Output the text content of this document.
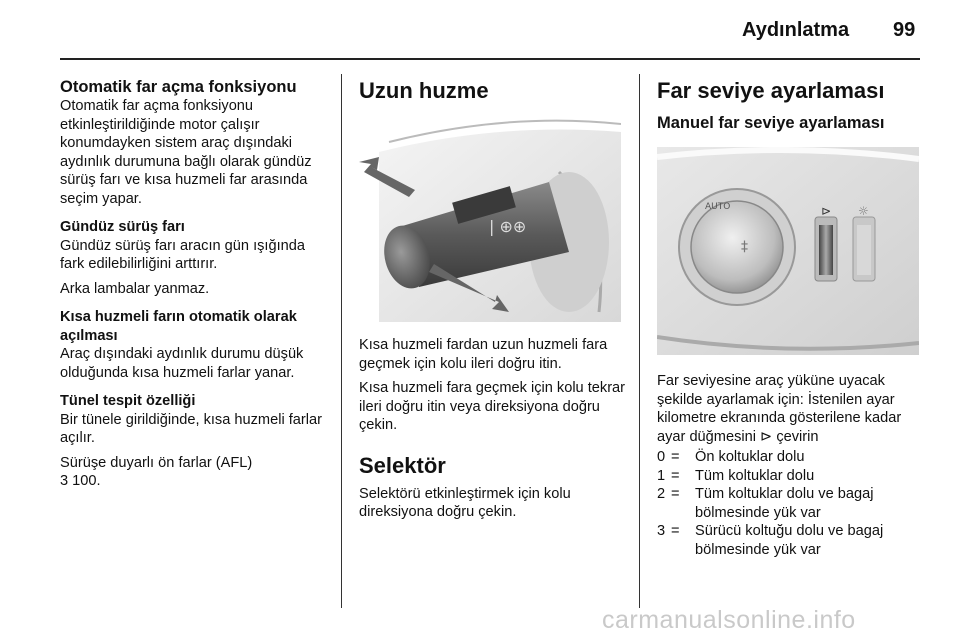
Aydınlatma 99
Otomatik far açma fonksiyonu

Otomatik far açma fonksiyonu etkinleştirildiğinde motor çalışır konumdayken sistem araç dışındaki aydınlık durumuna bağlı olarak gündüz sürüş farı ve kısa huzmeli far arasında seçim yapar.

Gündüz sürüş farı

Gündüz sürüş farı aracın gün ışığında fark edilebilirliğini arttırır.

Arka lambalar yanmaz.

Kısa huzmeli farın otomatik olarak açılması

Araç dışındaki aydınlık durumu düşük olduğunda kısa huzmeli farlar yanar.

Tünel tespit özelliği

Bir tünele girildiğinde, kısa huzmeli farlar açılır.

Sürüşe duyarlı ön farlar (AFL)

3 100.

Uzun huzme
| ⊕⊕

Kısa huzmeli fardan uzun huzmeli fara geçmek için kolu ileri doğru itin.

Kısa huzmeli fara geçmek için kolu tekrar ileri doğru itin veya direksiyona doğru çekin.

Selektör

Selektörü etkinleştirmek için kolu direksiyona doğru çekin.

Far seviye ayarlaması
Manuel far seviye ayarlaması
AUTO
‡
⊳ ☼

Far seviyesine araç yüküne uyacak şekilde ayarlamak için: İstenilen ayar kilometre ekranında gösterilene kadar ayar düğmesini ⊳ çevirin

0 =	Ön koltuklar dolu
1 =	Tüm koltuklar dolu
2 =	Tüm koltuklar dolu ve bagaj bölmesinde yük var
3 =	Sürücü koltuğu dolu ve bagaj bölmesinde yük var
carmanualsonline.info
